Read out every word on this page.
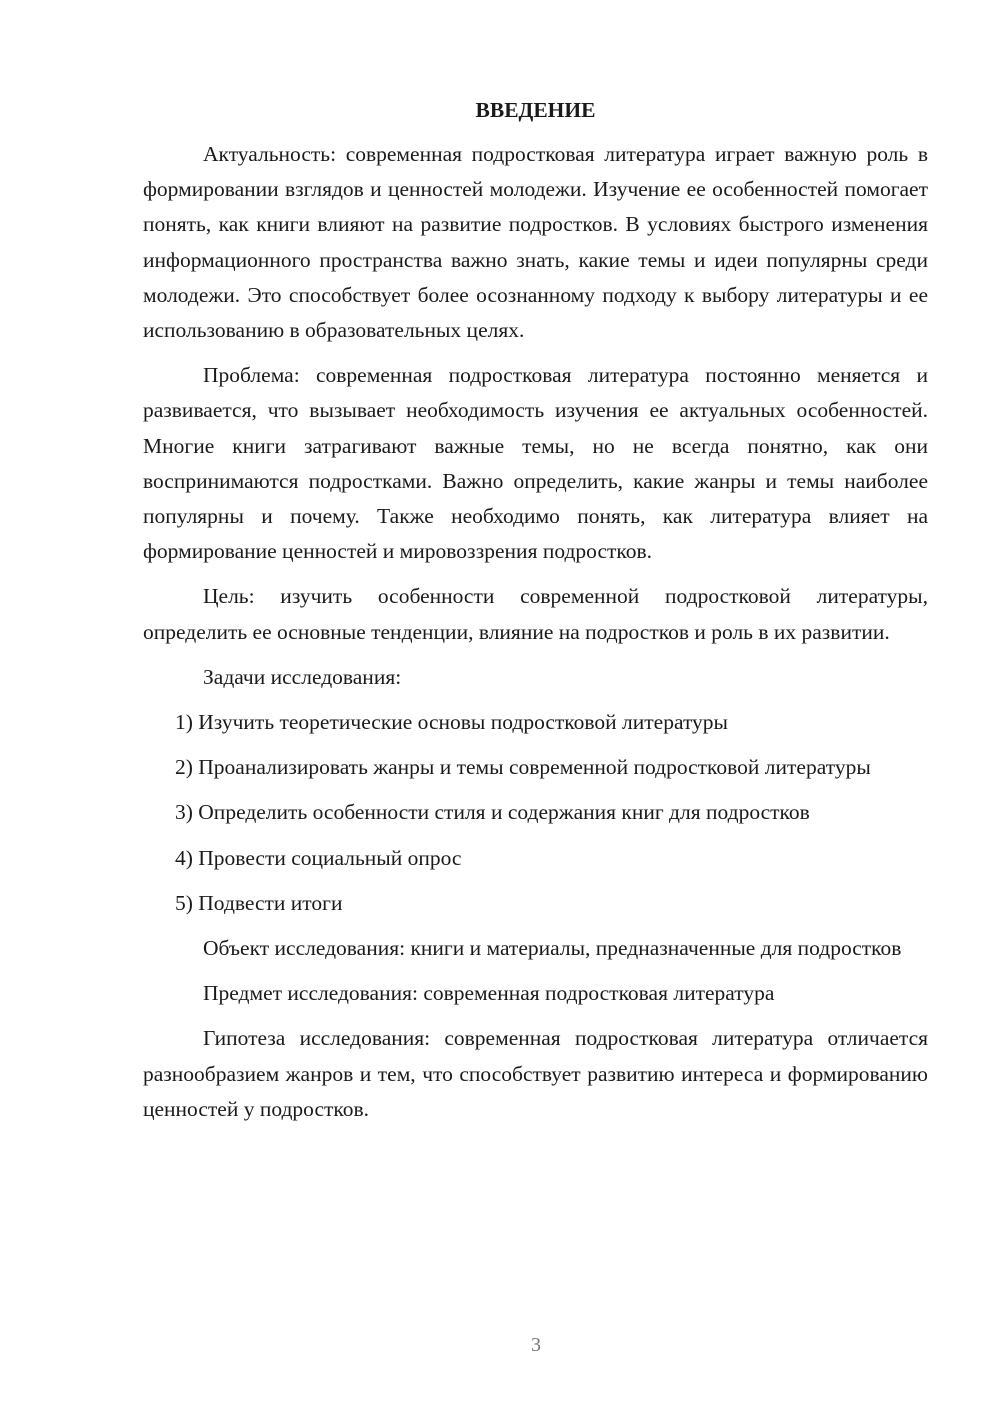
ВВЕДЕНИЕ
Актуальность: современная подростковая литература играет важную роль в формировании взглядов и ценностей молодежи. Изучение ее особенностей помогает понять, как книги влияют на развитие подростков. В условиях быстрого изменения информационного пространства важно знать, какие темы и идеи популярны среди молодежи. Это способствует более осознанному подходу к выбору литературы и ее использованию в образовательных целях.
Проблема: современная подростковая литература постоянно меняется и развивается, что вызывает необходимость изучения ее актуальных особенностей. Многие книги затрагивают важные темы, но не всегда понятно, как они воспринимаются подростками. Важно определить, какие жанры и темы наиболее популярны и почему. Также необходимо понять, как литература влияет на формирование ценностей и мировоззрения подростков.
Цель: изучить особенности современной подростковой литературы, определить ее основные тенденции, влияние на подростков и роль в их развитии.
Задачи исследования:
1) Изучить теоретические основы подростковой литературы
2) Проанализировать жанры и темы современной подростковой литературы
3) Определить особенности стиля и содержания книг для подростков
4) Провести социальный опрос
5) Подвести итоги
Объект исследования: книги и материалы, предназначенные для подростков
Предмет исследования: современная подростковая литература
Гипотеза исследования: современная подростковая литература отличается разнообразием жанров и тем, что способствует развитию интереса и формированию ценностей у подростков.
3
